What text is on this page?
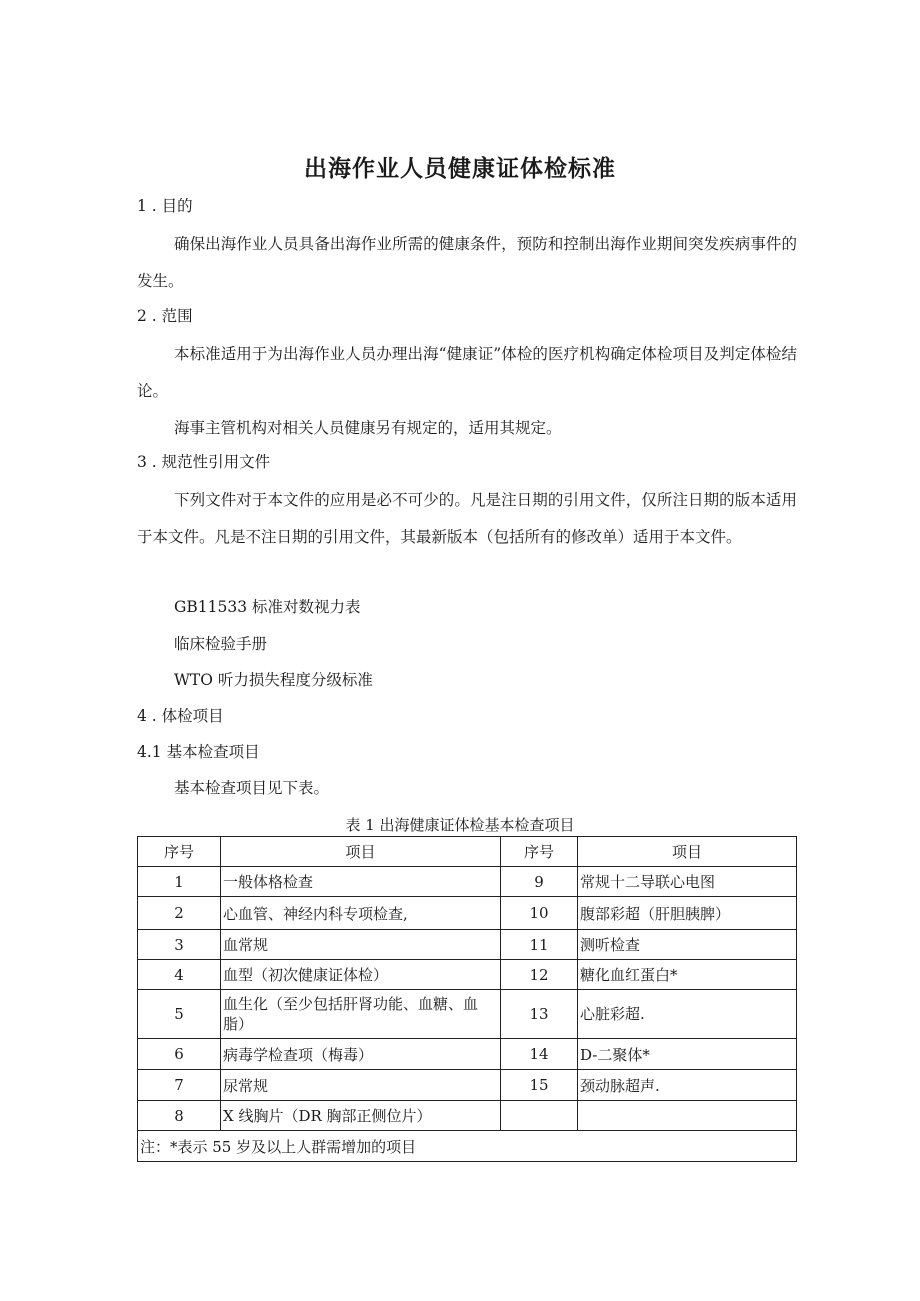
出海作业人员健康证体检标准
1 . 目的
确保出海作业人员具备出海作业所需的健康条件，预防和控制出海作业期间突发疾病事件的发生。
2 . 范围
本标准适用于为出海作业人员办理出海“健康证”体检的医疗机构确定体检项目及判定体检结论。
海事主管机构对相关人员健康另有规定的，适用其规定。
3 . 规范性引用文件
下列文件对于本文件的应用是必不可少的。凡是注日期的引用文件，仅所注日期的版本适用于本文件。凡是不注日期的引用文件，其最新版本（包括所有的修改单）适用于本文件。
GB11533 标准对数视力表
临床检验手册
WTO 听力损失程度分级标准
4 . 体检项目
4.1 基本检查项目
基本检查项目见下表。
表 1 出海健康证体检基本检查项目
序号	项目	序号	项目
1	一般体格检查	9	常规十二导联心电图
2	心血管、神经内科专项检查,	10	腹部彩超（肝胆胰脾）
3	血常规	11	测听检查
4	血型（初次健康证体检）	12	糖化血红蛋白*
5	血生化（至少包括肝肾功能、血糖、血脂）	13	心脏彩超.
6	病毒学检查项（梅毒）	14	D-二聚体*
7	尿常规	15	颈动脉超声.
8	X 线胸片（DR 胸部正侧位片）		
注：*表示 55 岁及以上人群需增加的项目			
